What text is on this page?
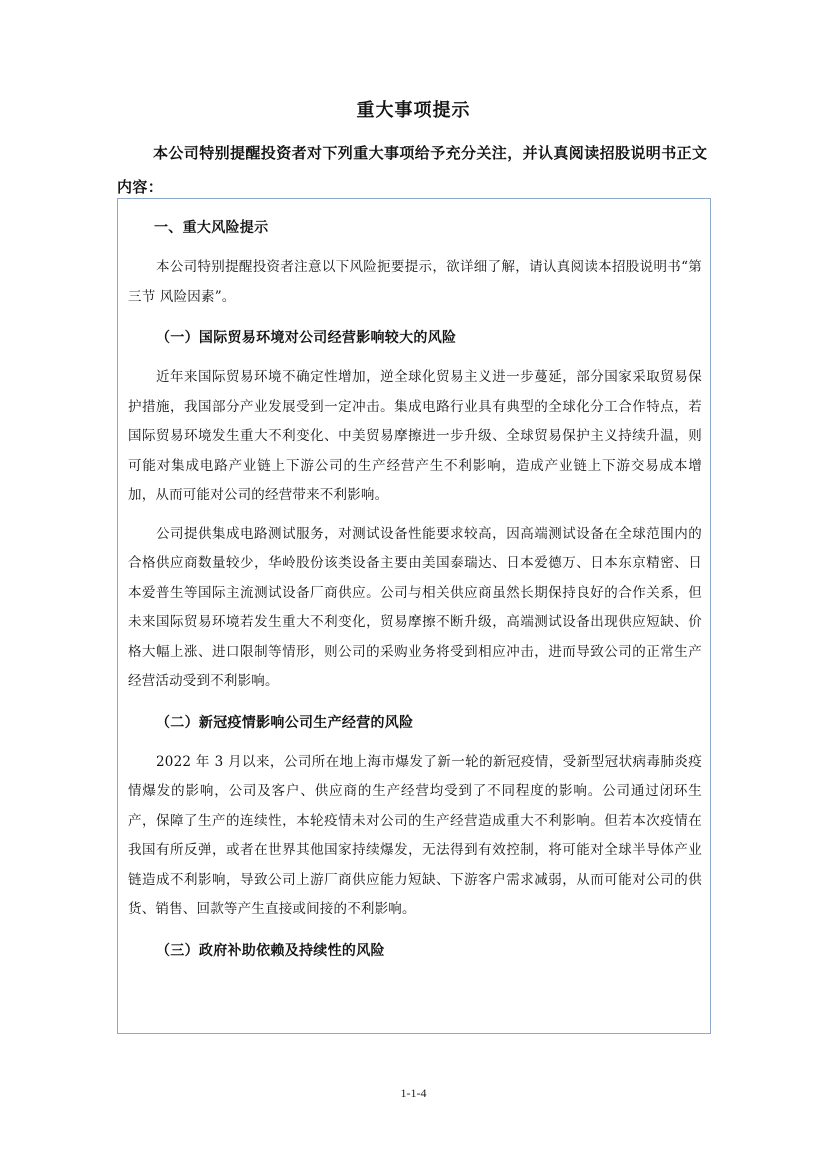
重大事项提示
本公司特别提醒投资者对下列重大事项给予充分关注，并认真阅读招股说明书正文内容：
一、重大风险提示

本公司特别提醒投资者注意以下风险扼要提示，欲详细了解，请认真阅读本招股说明书“第三节 风险因素”。

（一）国际贸易环境对公司经营影响较大的风险

近年来国际贸易环境不确定性增加，逆全球化贸易主义进一步蔓延，部分国家采取贸易保护措施，我国部分产业发展受到一定冲击。集成电路行业具有典型的全球化分工合作特点，若国际贸易环境发生重大不利变化、中美贸易摩擦进一步升级、全球贸易保护主义持续升温，则可能对集成电路产业链上下游公司的生产经营产生不利影响，造成产业链上下游交易成本增加，从而可能对公司的经营带来不利影响。

公司提供集成电路测试服务，对测试设备性能要求较高，因高端测试设备在全球范围内的合格供应商数量较少，华岭股份该类设备主要由美国泰瑞达、日本爱德万、日本东京精密、日本爱普生等国际主流测试设备厂商供应。公司与相关供应商虽然长期保持良好的合作关系，但未来国际贸易环境若发生重大不利变化，贸易摩擦不断升级，高端测试设备出现供应短缺、价格大幅上涨、进口限制等情形，则公司的采购业务将受到相应冲击，进而导致公司的正常生产经营活动受到不利影响。

（二）新冠疫情影响公司生产经营的风险

2022 年 3 月以来，公司所在地上海市爆发了新一轮的新冠疫情，受新型冠状病毒肺炎疫情爆发的影响，公司及客户、供应商的生产经营均受到了不同程度的影响。公司通过闭环生产，保障了生产的连续性，本轮疫情未对公司的生产经营造成重大不利影响。但若本次疫情在我国有所反弹，或者在世界其他国家持续爆发，无法得到有效控制，将可能对全球半导体产业链造成不利影响，导致公司上游厂商供应能力短缺、下游客户需求减弱，从而可能对公司的供货、销售、回款等产生直接或间接的不利影响。

（三）政府补助依赖及持续性的风险
1-1-4
